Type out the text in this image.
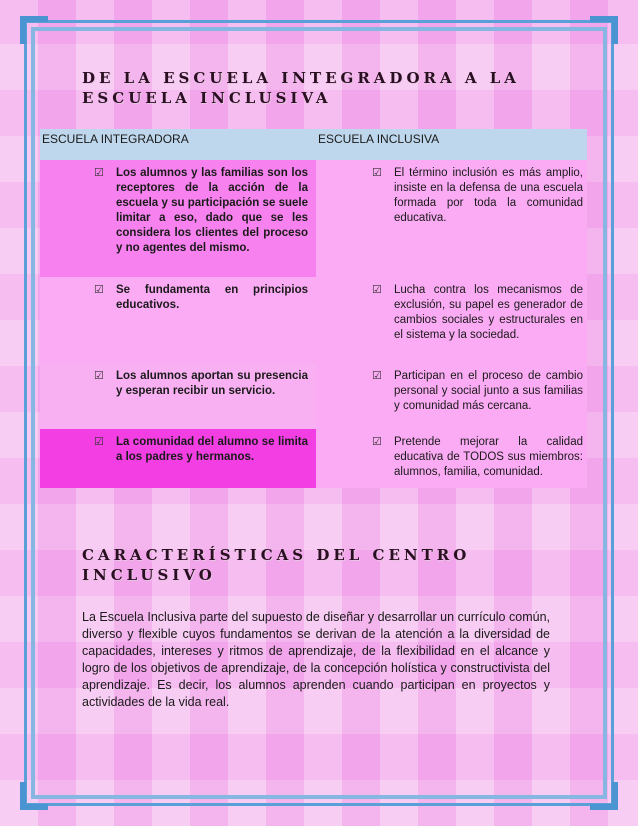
DE LA ESCUELA INTEGRADORA A LA
ESCUELA INCLUSIVA
ESCUELA INTEGRADORA	ESCUELA INCLUSIVA

☑ Los alumnos y las familias son los receptores de la acción de la escuela y su participación se suele limitar a eso, dado que se les considera los clientes del proceso y no agentes del mismo.	☑ El término inclusión es más amplio, insiste en la defensa de una escuela formada por toda la comunidad educativa.

☑ Se fundamenta en principios educativos.	☑ Lucha contra los mecanismos de exclusión, su papel es generador de cambios sociales y estructurales en el sistema y la sociedad.

☑ Los alumnos aportan su presencia y esperan recibir un servicio.	☑ Participan en el proceso de cambio personal y social junto a sus familias y comunidad más cercana.

☑ La comunidad del alumno se limita a los padres y hermanos.	☑ Pretende mejorar la calidad educativa de TODOS sus miembros: alumnos, familia, comunidad.
CARACTERÍSTICAS DEL CENTRO
INCLUSIVO

La Escuela Inclusiva parte del supuesto de diseñar y desarrollar un currículo común, diverso y flexible cuyos fundamentos se derivan de la atención a la diversidad de capacidades, intereses y ritmos de aprendizaje, de la flexibilidad en el alcance y logro de los objetivos de aprendizaje, de la concepción holística y constructivista del aprendizaje. Es decir, los alumnos aprenden cuando participan en proyectos y actividades de la vida real.
